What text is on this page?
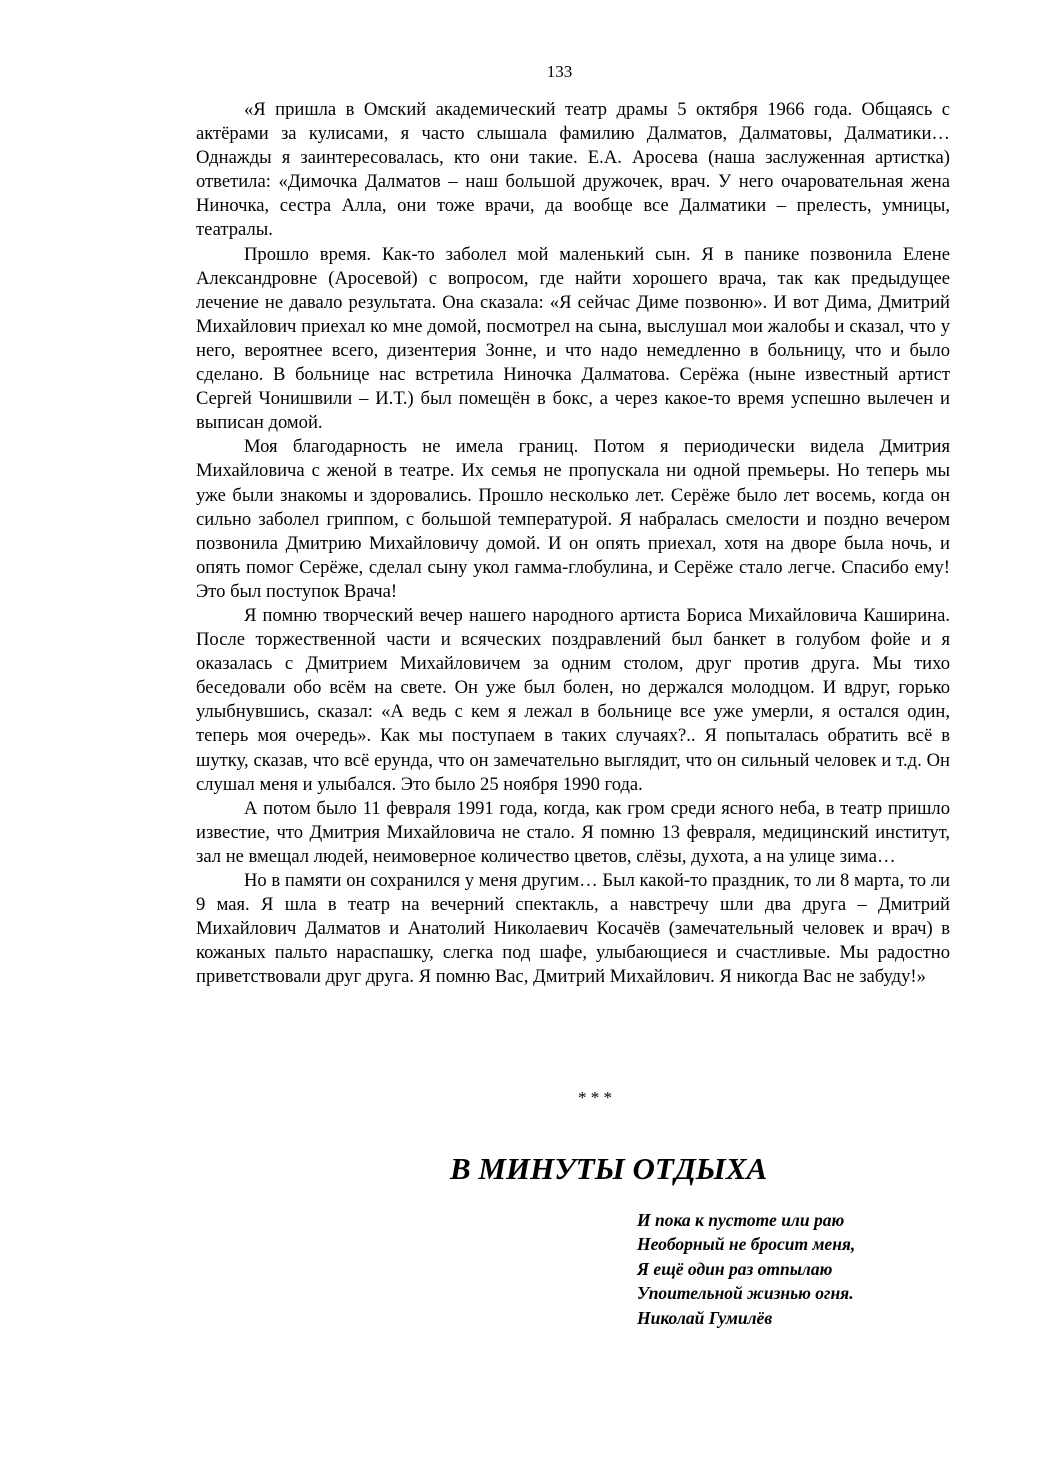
133

«Я пришла в Омский академический театр драмы 5 октября 1966 года. Общаясь с актёрами за кулисами, я часто слышала фамилию Далматов, Далматовы, Далматики… Однажды я заинтересовалась, кто они такие. Е.А. Аросева (наша заслуженная артистка) ответила: «Димочка Далматов – наш большой дружочек, врач. У него очаровательная жена Ниночка, сестра Алла, они тоже врачи, да вообще все Далматики – прелесть, умницы, театралы.

Прошло время. Как-то заболел мой маленький сын. Я в панике позвонила Елене Александровне (Аросевой) с вопросом, где найти хорошего врача, так как предыдущее лечение не давало результата. Она сказала: «Я сейчас Диме позвоню». И вот Дима, Дмитрий Михайлович приехал ко мне домой, посмотрел на сына, выслушал мои жалобы и сказал, что у него, вероятнее всего, дизентерия Зонне, и что надо немедленно в больницу, что и было сделано. В больнице нас встретила Ниночка Далматова. Серёжа (ныне известный артист Сергей Чонишвили – И.Т.) был помещён в бокс, а через какое-то время успешно вылечен и выписан домой.

Моя благодарность не имела границ. Потом я периодически видела Дмитрия Михайловича с женой в театре. Их семья не пропускала ни одной премьеры. Но теперь мы уже были знакомы и здоровались. Прошло несколько лет. Серёже было лет восемь, когда он сильно заболел гриппом, с большой температурой. Я набралась смелости и поздно вечером позвонила Дмитрию Михайловичу домой. И он опять приехал, хотя на дворе была ночь, и опять помог Серёже, сделал сыну укол гамма-глобулина, и Серёже стало легче. Спасибо ему! Это был поступок Врача!

Я помню творческий вечер нашего народного артиста Бориса Михайловича Каширина. После торжественной части и всяческих поздравлений был банкет в голубом фойе и я оказалась с Дмитрием Михайловичем за одним столом, друг против друга. Мы тихо беседовали обо всём на свете. Он уже был болен, но держался молодцом. И вдруг, горько улыбнувшись, сказал: «А ведь с кем я лежал в больнице все уже умерли, я остался один, теперь моя очередь». Как мы поступаем в таких случаях?.. Я попыталась обратить всё в шутку, сказав, что всё ерунда, что он замечательно выглядит, что он сильный человек и т.д. Он слушал меня и улыбался. Это было 25 ноября 1990 года.

А потом было 11 февраля 1991 года, когда, как гром среди ясного неба, в театр пришло известие, что Дмитрия Михайловича не стало. Я помню 13 февраля, медицинский институт, зал не вмещал людей, неимоверное количество цветов, слёзы, духота, а на улице зима…

Но в памяти он сохранился у меня другим… Был какой-то праздник, то ли 8 марта, то ли 9 мая. Я шла в театр на вечерний спектакль, а навстречу шли два друга – Дмитрий Михайлович Далматов и Анатолий Николаевич Косачёв (замечательный человек и врач) в кожаных пальто нараспашку, слегка под шафе, улыбающиеся и счастливые. Мы радостно приветствовали друг друга. Я помню Вас, Дмитрий Михайлович. Я никогда Вас не забуду!»

* * *
В МИНУТЫ ОТДЫХА
И пока к пустоте или раю
Необорный не бросит меня,
Я ещё один раз отпылаю
Упоительной жизнью огня.
Николай Гумилёв
